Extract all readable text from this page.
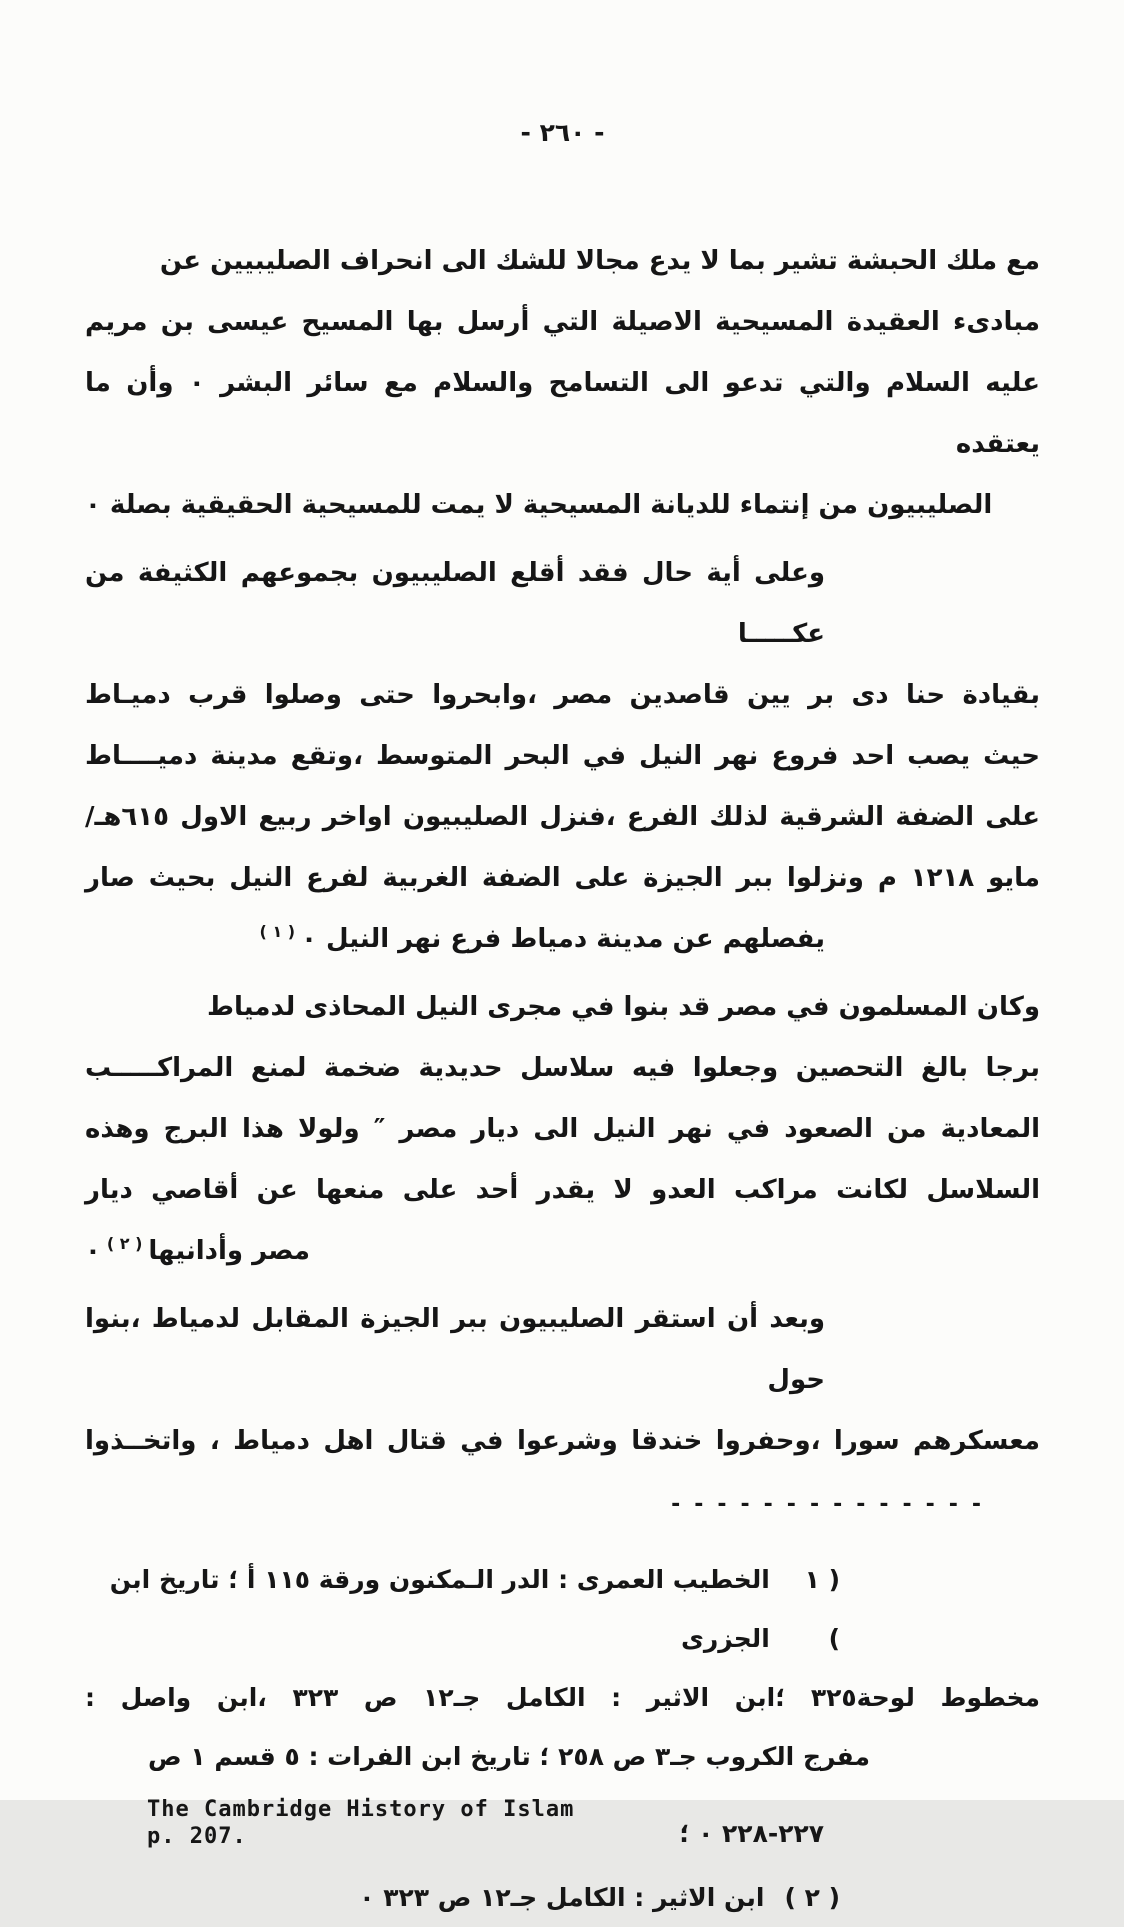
- ٢٦٠ -
مع ملك الحبشة تشير بما لا يدع مجالا للشك الى انحراف الصليبيين عن
مبادىء العقيدة المسيحية الاصيلة التي أرسل بها المسيح عيسى بن مريم
عليه السلام والتي تدعو الى التسامح والسلام مع سائر البشر ٠ وأن ما يعتقده
الصليبيون من إنتماء للديانة المسيحية لا يمت للمسيحية الحقيقية بصلة ٠
وعلى أية حال فقد أقلع الصليبيون بجموعهم الكثيفة من عكـــــا
بقيادة حنا دى بر يين قاصدين مصر ،وابحروا حتى وصلوا قرب دميـاط
حيث يصب احد فروع نهر النيل في البحر المتوسط ،وتقع مدينة دميــــاط
على الضفة الشرقية لذلك الفرع ،فنزل الصليبيون اواخر ربيع الاول ٦١٥هـ/
مايو ١٢١٨ م ونزلوا ببر الجيزة على الضفة الغربية لفرع النيل بحيث صار
يفصلهم عن مدينة دمياط فرع نهر النيل ٠$^{( ١ )}$
وكان المسلمون في مصر قد بنوا في مجرى النيل المحاذى لدمياط
برجا بالغ التحصين وجعلوا فيه سلاسل حديدية ضخمة لمنع المراكـــــب
المعادية من الصعود في نهر النيل الى ديار مصر ″ ولولا هذا البرج وهذه
السلاسل لكانت مراكب العدو لا يقدر أحد على منعها عن أقاصي ديار
مصر وأدانيها$^{( ٢ )}$٠
وبعد أن استقر الصليبيون ببر الجيزة المقابل لدمياط ،بنوا حول
معسكرهم سورا ،وحفروا خندقا وشرعوا في قتال اهل دمياط ، واتخــذوا
--------------
( ١ )
الخطيب العمرى : الدر الـمكنون ورقة ١١٥ أ ؛ تاريخ ابن الجزرى
مخطوط لوحة٣٢٥ ؛ابن الاثير : الكامل جـ١٢ ص ٣٢٣ ،ابن واصل :
مفرج الكروب جـ٣ ص ٢٥٨ ؛ تاريخ ابن الفرات : ٥ قسم ١ ص
The Cambridge History of Islam
p. 207.	٢٢٧-٢٢٨ ٠ ؛
( ٢ )
ابن الاثير : الكامل جـ١٢ ص ٣٢٣ ٠
